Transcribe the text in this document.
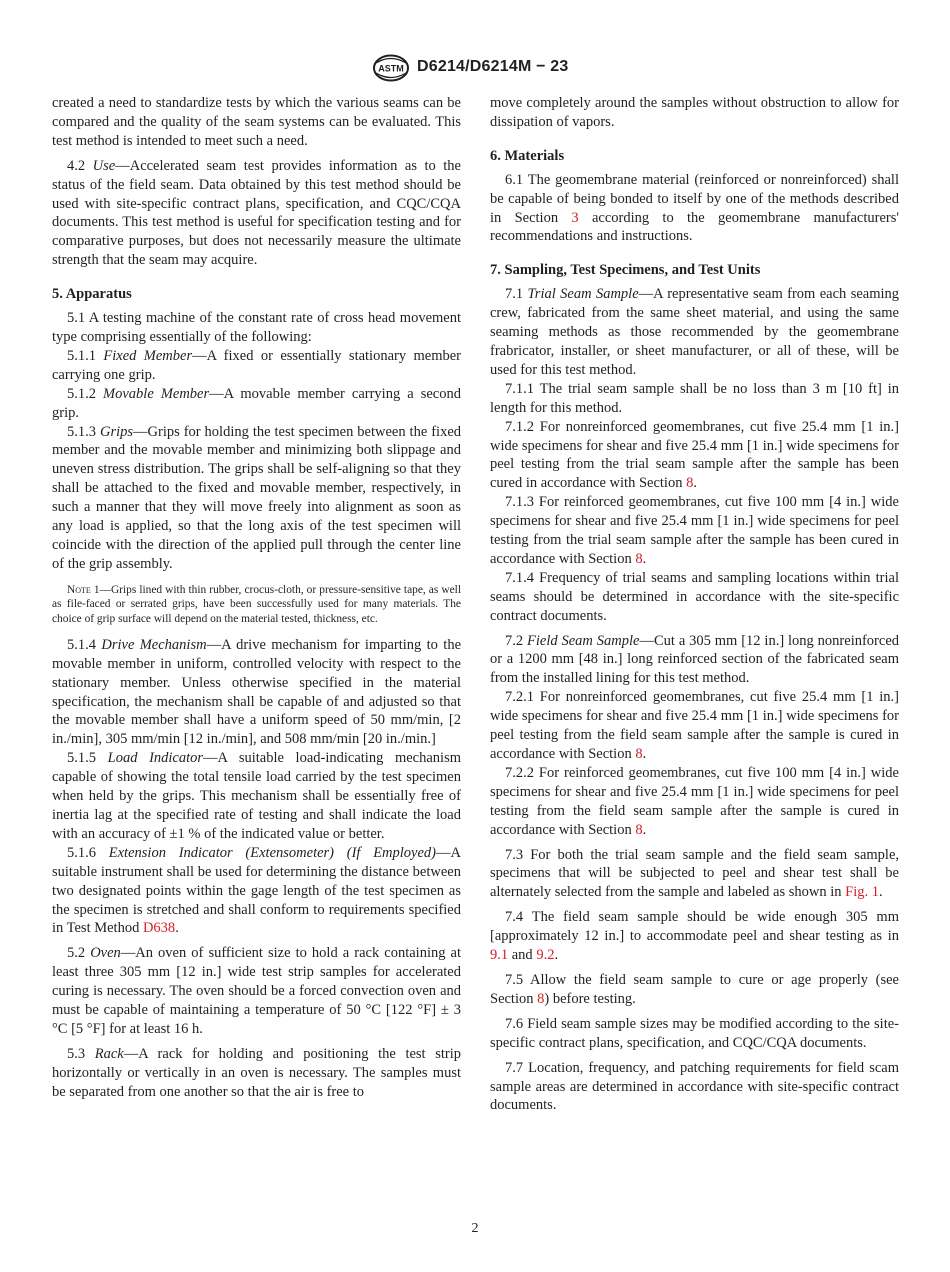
ASTM D6214/D6214M − 23

created a need to standardize tests by which the various seams can be compared and the quality of the seam systems can be evaluated. This test method is intended to meet such a need.

4.2 Use—Accelerated seam test provides information as to the status of the field seam. Data obtained by this test method should be used with site-specific contract plans, specification, and CQC/CQA documents. This test method is useful for specification testing and for comparative purposes, but does not necessarily measure the ultimate strength that the seam may acquire.

5. Apparatus

5.1 A testing machine of the constant rate of cross head movement type comprising essentially of the following:

5.1.1 Fixed Member—A fixed or essentially stationary member carrying one grip.

5.1.2 Movable Member—A movable member carrying a second grip.

5.1.3 Grips—Grips for holding the test specimen between the fixed member and the movable member and minimizing both slippage and uneven stress distribution. The grips shall be self-aligning so that they shall be attached to the fixed and movable member, respectively, in such a manner that they will move freely into alignment as soon as any load is applied, so that the long axis of the test specimen will coincide with the direction of the applied pull through the center line of the grip assembly.

Note 1—Grips lined with thin rubber, crocus-cloth, or pressure-sensitive tape, as well as file-faced or serrated grips, have been successfully used for many materials. The choice of grip surface will depend on the material tested, thickness, etc.

5.1.4 Drive Mechanism—A drive mechanism for imparting to the movable member in uniform, controlled velocity with respect to the stationary member. Unless otherwise specified in the material specification, the mechanism shall be capable of and adjusted so that the movable member shall have a uniform speed of 50 mm/min, [2 in./min], 305 mm/min [12 in./min], and 508 mm/min [20 in./min.]

5.1.5 Load Indicator—A suitable load-indicating mechanism capable of showing the total tensile load carried by the test specimen when held by the grips. This mechanism shall be essentially free of inertia lag at the specified rate of testing and shall indicate the load with an accuracy of ±1 % of the indicated value or better.

5.1.6 Extension Indicator (Extensometer) (If Employed)—A suitable instrument shall be used for determining the distance between two designated points within the gage length of the test specimen as the specimen is stretched and shall conform to requirements specified in Test Method D638.

5.2 Oven—An oven of sufficient size to hold a rack containing at least three 305 mm [12 in.] wide test strip samples for accelerated curing is necessary. The oven should be a forced convection oven and must be capable of maintaining a temperature of 50 °C [122 °F] ± 3 °C [5 °F] for at least 16 h.

5.3 Rack—A rack for holding and positioning the test strip horizontally or vertically in an oven is necessary. The samples must be separated from one another so that the air is free to

move completely around the samples without obstruction to allow for dissipation of vapors.

6. Materials

6.1 The geomembrane material (reinforced or nonreinforced) shall be capable of being bonded to itself by one of the methods described in Section 3 according to the geomembrane manufacturers' recommendations and instructions.

7. Sampling, Test Specimens, and Test Units

7.1 Trial Seam Sample—A representative seam from each seaming crew, fabricated from the same sheet material, and using the same seaming methods as those recommended by the geomembrane frabricator, installer, or sheet manufacturer, or all of these, will be used for this test method.

7.1.1 The trial seam sample shall be no loss than 3 m [10 ft] in length for this method.

7.1.2 For nonreinforced geomembranes, cut five 25.4 mm [1 in.] wide specimens for shear and five 25.4 mm [1 in.] wide specimens for peel testing from the trial seam sample after the sample has been cured in accordance with Section 8.

7.1.3 For reinforced geomembranes, cut five 100 mm [4 in.] wide specimens for shear and five 25.4 mm [1 in.] wide specimens for peel testing from the trial seam sample after the sample has been cured in accordance with Section 8.

7.1.4 Frequency of trial seams and sampling locations within trial seams should be determined in accordance with the site-specific contract documents.

7.2 Field Seam Sample—Cut a 305 mm [12 in.] long nonreinforced or a 1200 mm [48 in.] long reinforced section of the fabricated seam from the installed lining for this test method.

7.2.1 For nonreinforced geomembranes, cut five 25.4 mm [1 in.] wide specimens for shear and five 25.4 mm [1 in.] wide specimens for peel testing from the field seam sample after the sample is cured in accordance with Section 8.

7.2.2 For reinforced geomembranes, cut five 100 mm [4 in.] wide specimens for shear and five 25.4 mm [1 in.] wide specimens for peel testing from the field seam sample after the sample is cured in accordance with Section 8.

7.3 For both the trial seam sample and the field seam sample, specimens that will be subjected to peel and shear test shall be alternately selected from the sample and labeled as shown in Fig. 1.

7.4 The field seam sample should be wide enough 305 mm [approximately 12 in.] to accommodate peel and shear testing as in 9.1 and 9.2.

7.5 Allow the field seam sample to cure or age properly (see Section 8) before testing.

7.6 Field seam sample sizes may be modified according to the site-specific contract plans, specification, and CQC/CQA documents.

7.7 Location, frequency, and patching requirements for field scam sample areas are determined in accordance with site-specific contract documents.

2
